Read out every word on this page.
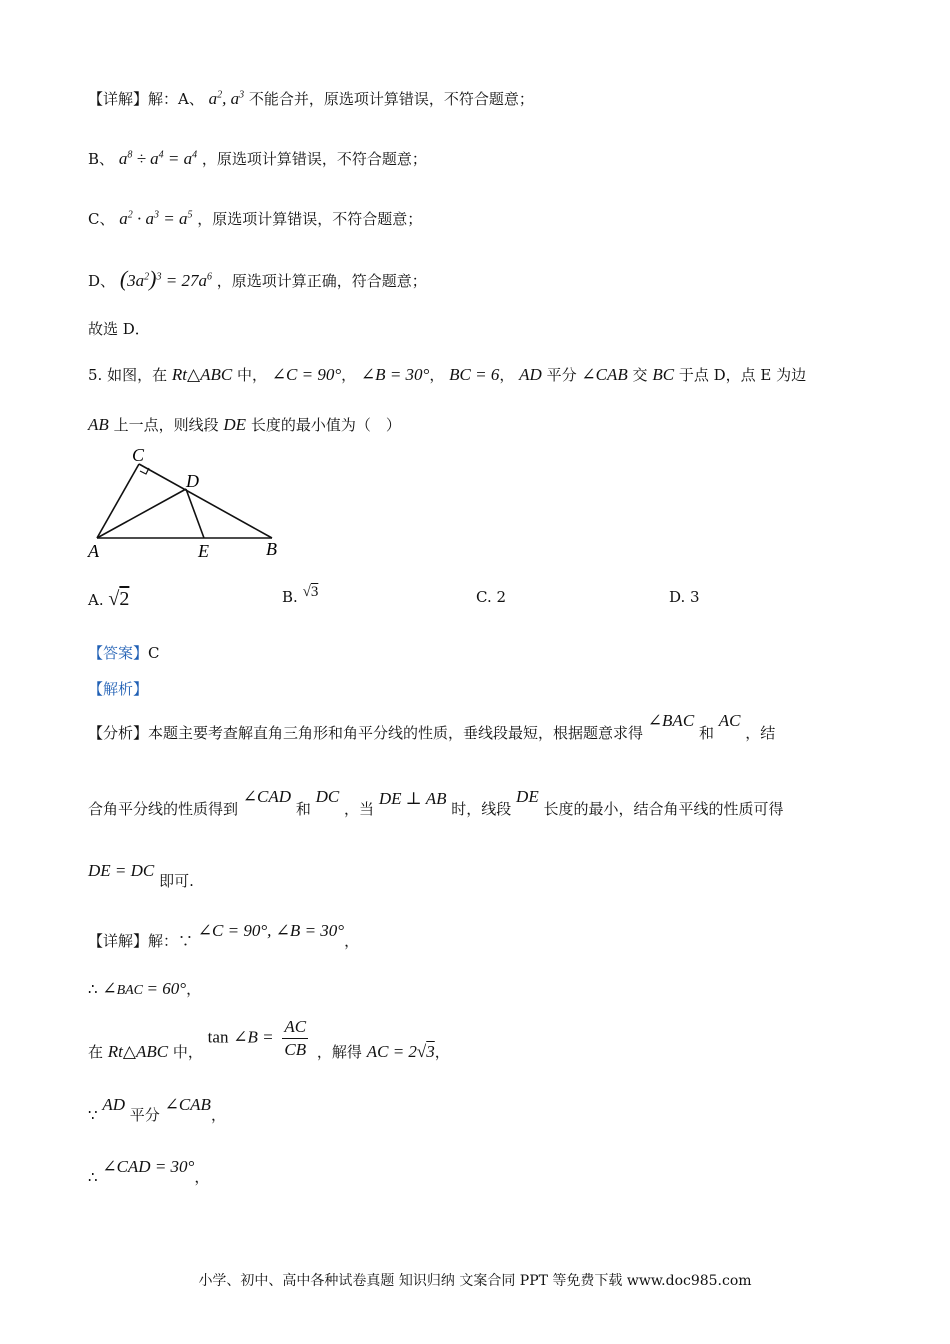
【详解】解：A、 $a^2$, $a^3$ 不能合并，原选项计算错误，不符合题意；
B、 $a^8 \div a^4 = a^4$ ，原选项计算错误，不符合题意；
C、 $a^2 \cdot a^3 = a^5$ ，原选项计算错误，不符合题意；
D、 $(3a^2)^3 = 27a^6$ ，原选项计算正确，符合题意；
故选 D．
5. 如图，在 Rt△ABC 中， ∠C = 90°， ∠B = 30°， BC = 6， AD 平分 ∠CAB 交 BC 于点 D，点 E 为边
AB 上一点，则线段 DE 长度的最小值为（　）
C
D
A	E	B
A. √2	B. √3	C. 2	D. 3
【答案】C
【解析】
【分析】本题主要考查解直角三角形和角平分线的性质，垂线段最短，根据题意求得 ∠BAC 和 AC ，结
合角平分线的性质得到 ∠CAD 和 DC ，当 DE ⊥ AB 时，线段 DE 长度的最小，结合角平线的性质可得
DE = DC 即可.
【详解】解：∵ ∠C = 90°, ∠B = 30°，
∴ ∠BAC = 60°，
在 Rt△ABC 中， tan ∠B = $\frac{AC}{CB}$ ，解得 AC = 2√3，
∵ AD 平分 ∠CAB，
∴ ∠CAD = 30°，
小学、初中、高中各种试卷真题 知识归纳 文案合同 PPT 等免费下载 www.doc985.com
